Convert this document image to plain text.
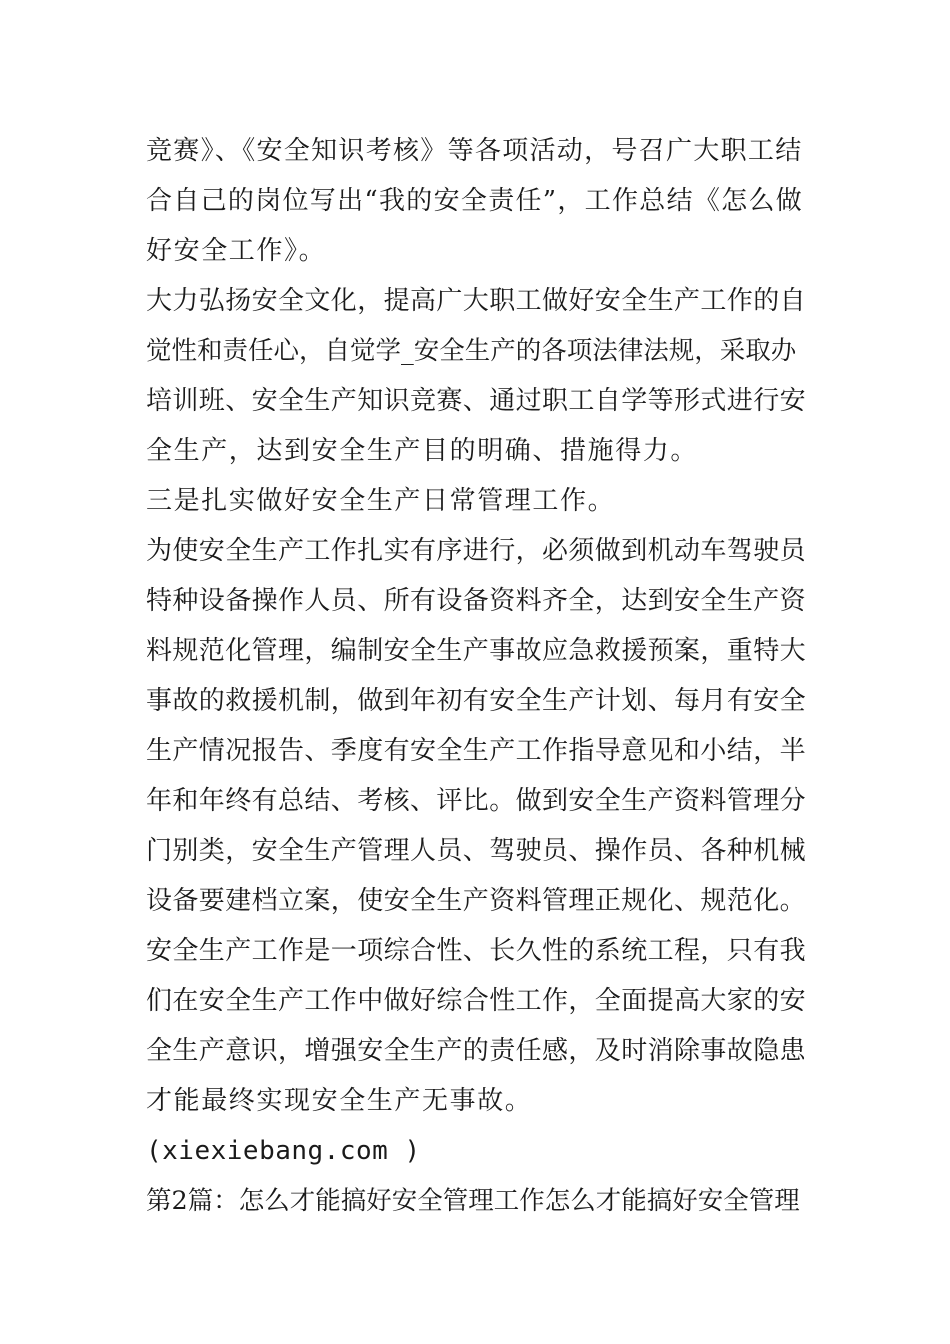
竞赛》、《安全知识考核》等各项活动，号召广大职工结
合自己的岗位写出“我的安全责任”，工作总结《怎么做
好安全工作》。
大力弘扬安全文化，提高广大职工做好安全生产工作的自
觉性和责任心，自觉学_安全生产的各项法律法规，采取办
培训班、安全生产知识竞赛、通过职工自学等形式进行安
全生产，达到安全生产目的明确、措施得力。
三是扎实做好安全生产日常管理工作。
为使安全生产工作扎实有序进行，必须做到机动车驾驶员
特种设备操作人员、所有设备资料齐全，达到安全生产资
料规范化管理，编制安全生产事故应急救援预案，重特大
事故的救援机制，做到年初有安全生产计划、每月有安全
生产情况报告、季度有安全生产工作指导意见和小结，半
年和年终有总结、考核、评比。做到安全生产资料管理分
门别类，安全生产管理人员、驾驶员、操作员、各种机械
设备要建档立案，使安全生产资料管理正规化、规范化。
安全生产工作是一项综合性、长久性的系统工程，只有我
们在安全生产工作中做好综合性工作，全面提高大家的安
全生产意识，增强安全生产的责任感，及时消除事故隐患
才能最终实现安全生产无事故。
(xiexiebang.com )
第2篇：怎么才能搞好安全管理工作怎么才能搞好安全管理
